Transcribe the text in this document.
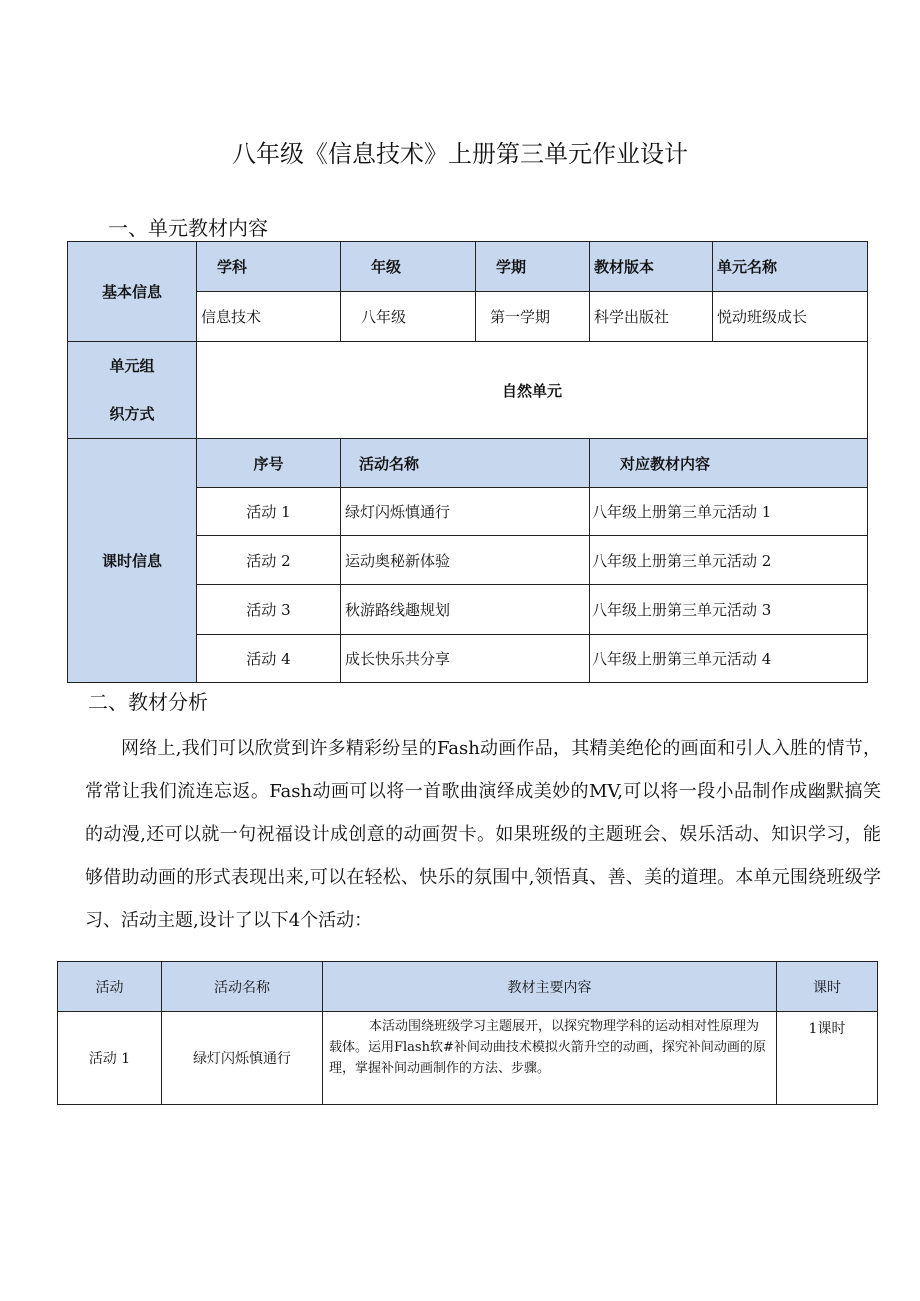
八年级《信息技术》上册第三单元作业设计
一、单元教材内容
基本信息	学科	年级	学期	教材版本	单元名称
	信息技术	八年级	第一学期	科学出版社	悦动班级成长

单元组
织方式	自然单元				
课时信息	序号	活动名称		对应教材内容	
	活动 1	绿灯闪烁慎通行		八年级上册第三单元活动 1	
	活动 2	运动奥秘新体验		八年级上册第三单元活动 2	
	活动 3	秋游路线趣规划		八年级上册第三单元活动 3	
	活动 4	成长快乐共分享		八年级上册第三单元活动 4	
二、教材分析

网络上,我们可以欣赏到许多精彩纷呈的Fash动画作品，其精美绝伦的画面和引人入胜的情节，常常让我们流连忘返。Fash动画可以将一首歌曲演绎成美妙的MV,可以将一段小品制作成幽默搞笑的动漫,还可以就一句祝福设计成创意的动画贺卡。如果班级的主题班会、娱乐活动、知识学习，能够借助动画的形式表现出来,可以在轻松、快乐的氛围中,领悟真、善、美的道理。本单元围绕班级学习、活动主题,设计了以下4个活动：

活动	活动名称	教材主要内容	课时
活动 1	绿灯闪烁慎通行	本活动围绕班级学习主题展开，以探究物理学科的运动相对性原理为载体。运用Flash软#补间动曲技术模拟火箭升空的动画，探究补间动画的原理，掌握补间动画制作的方法、步骤。	1课时
